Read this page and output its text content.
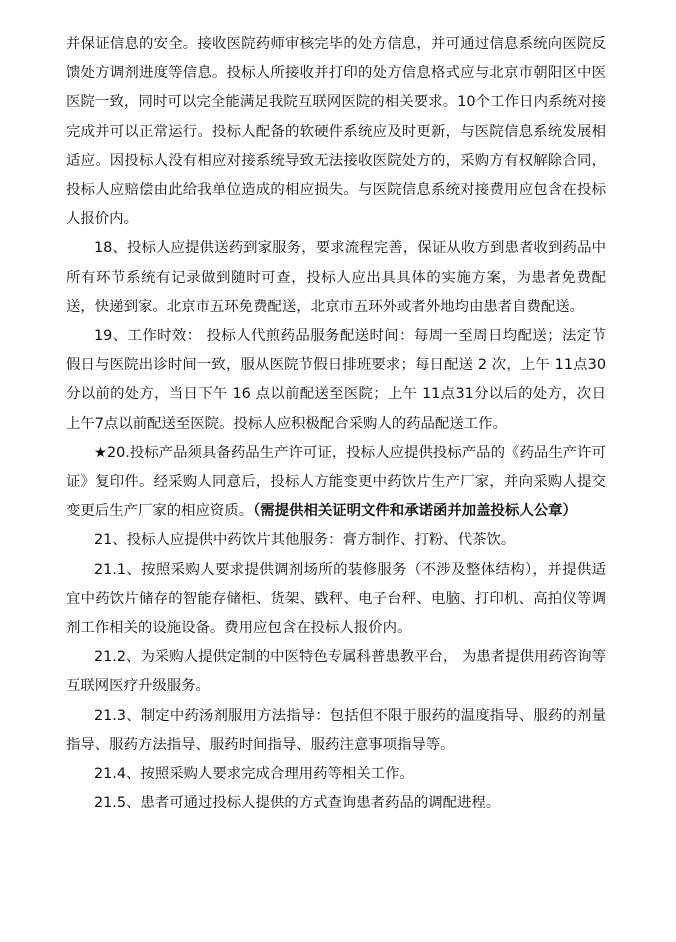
并保证信息的安全。接收医院药师审核完毕的处方信息，并可通过信息系统向医院反馈处方调剂进度等信息。投标人所接收并打印的处方信息格式应与北京市朝阳区中医医院一致，同时可以完全能满足我院互联网医院的相关要求。10个工作日内系统对接完成并可以正常运行。投标人配备的软硬件系统应及时更新，与医院信息系统发展相适应。因投标人没有相应对接系统导致无法接收医院处方的，采购方有权解除合同，投标人应赔偿由此给我单位造成的相应损失。与医院信息系统对接费用应包含在投标人报价内。

18、投标人应提供送药到家服务，要求流程完善，保证从收方到患者收到药品中所有环节系统有记录做到随时可查，投标人应出具具体的实施方案，为患者免费配送，快递到家。北京市五环免费配送，北京市五环外或者外地均由患者自费配送。

19、工作时效： 投标人代煎药品服务配送时间：每周一至周日均配送；法定节假日与医院出诊时间一致，服从医院节假日排班要求；每日配送 2 次，上午 11点30分以前的处方，当日下午 16 点以前配送至医院；上午 11点31分以后的处方，次日上午7点以前配送至医院。投标人应积极配合采购人的药品配送工作。

★20.投标产品须具备药品生产许可证，投标人应提供投标产品的《药品生产许可证》复印件。经采购人同意后，投标人方能变更中药饮片生产厂家，并向采购人提交变更后生产厂家的相应资质。（需提供相关证明文件和承诺函并加盖投标人公章）

21、投标人应提供中药饮片其他服务：膏方制作、打粉、代茶饮。

21.1、按照采购人要求提供调剂场所的装修服务（不涉及整体结构），并提供适宜中药饮片储存的智能存储柜、货架、戥秤、电子台秤、电脑、打印机、高拍仪等调剂工作相关的设施设备。费用应包含在投标人报价内。

21.2、为采购人提供定制的中医特色专属科普患教平台， 为患者提供用药咨询等互联网医疗升级服务。

21.3、制定中药汤剂服用方法指导：包括但不限于服药的温度指导、服药的剂量指导、服药方法指导、服药时间指导、服药注意事项指导等。

21.4、按照采购人要求完成合理用药等相关工作。

21.5、患者可通过投标人提供的方式查询患者药品的调配进程。
